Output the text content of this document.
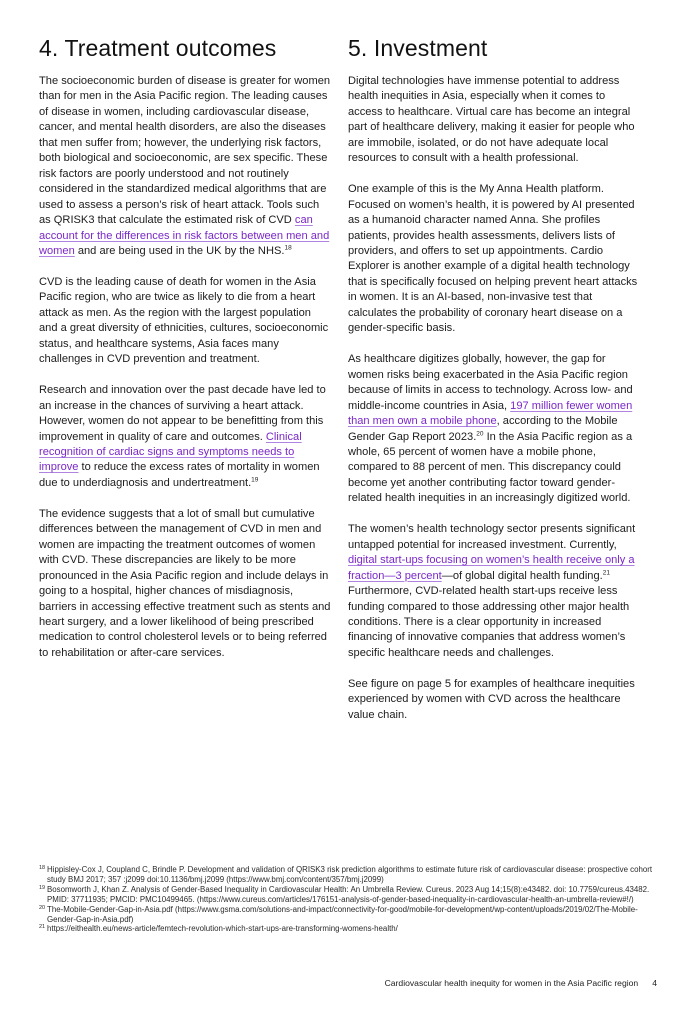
4. Treatment outcomes

The socioeconomic burden of disease is greater for women than for men in the Asia Pacific region. The leading causes of disease in women, including cardiovascular disease, cancer, and mental health disorders, are also the diseases that men suffer from; however, the underlying risk factors, both biological and socioeconomic, are sex specific. These risk factors are poorly understood and not routinely considered in the standardized medical algorithms that are used to assess a person’s risk of heart attack. Tools such as QRISK3 that calculate the estimated risk of CVD can account for the differences in risk factors between men and women and are being used in the UK by the NHS.$^{18}$

CVD is the leading cause of death for women in the Asia Pacific region, who are twice as likely to die from a heart attack as men. As the region with the largest population and a great diversity of ethnicities, cultures, socioeconomic status, and healthcare systems, Asia faces many challenges in CVD prevention and treatment.

Research and innovation over the past decade have led to an increase in the chances of surviving a heart attack. However, women do not appear to be benefitting from this improvement in quality of care and outcomes. Clinical recognition of cardiac signs and symptoms needs to improve to reduce the excess rates of mortality in women due to underdiagnosis and undertreatment.$^{19}$

The evidence suggests that a lot of small but cumulative differences between the management of CVD in men and women are impacting the treatment outcomes of women with CVD. These discrepancies are likely to be more pronounced in the Asia Pacific region and include delays in going to a hospital, higher chances of misdiagnosis, barriers in accessing effective treatment such as stents and heart surgery, and a lower likelihood of being prescribed medication to control cholesterol levels or to being referred to rehabilitation or after-care services.

5. Investment

Digital technologies have immense potential to address health inequities in Asia, especially when it comes to access to healthcare. Virtual care has become an integral part of healthcare delivery, making it easier for people who are immobile, isolated, or do not have adequate local resources to consult with a health professional.

One example of this is the My Anna Health platform. Focused on women’s health, it is powered by AI presented as a humanoid character named Anna. She profiles patients, provides health assessments, delivers lists of providers, and offers to set up appointments. Cardio Explorer is another example of a digital health technology that is specifically focused on helping prevent heart attacks in women. It is an AI-based, non-invasive test that calculates the probability of coronary heart disease on a gender-specific basis.

As healthcare digitizes globally, however, the gap for women risks being exacerbated in the Asia Pacific region because of limits in access to technology. Across low- and middle-income countries in Asia, 197 million fewer women than men own a mobile phone, according to the Mobile Gender Gap Report 2023.20 In the Asia Pacific region as a whole, 65 percent of women have a mobile phone, compared to 88 percent of men. This discrepancy could become yet another contributing factor toward gender-related health inequities in an increasingly digitized world.

The women’s health technology sector presents significant untapped potential for increased investment. Currently, digital start-ups focusing on women’s health receive only a fraction—3 percent—of global digital health funding.$^{21}$ Furthermore, CVD-related health start-ups receive less funding compared to those addressing other major health conditions. There is a clear opportunity in increased financing of innovative companies that address women’s specific healthcare needs and challenges.

See figure on page 5 for examples of healthcare inequities experienced by women with CVD across the healthcare value chain.

18 Hippisley-Cox J, Coupland C, Brindle P. Development and validation of QRISK3 risk prediction algorithms to estimate future risk of cardiovascular disease: prospective cohort study BMJ 2017; 357 :j2099 doi:10.1136/bmj.j2099 (https://www.bmj.com/content/357/bmj.j2099)
19 Bosomworth J, Khan Z. Analysis of Gender-Based Inequality in Cardiovascular Health: An Umbrella Review. Cureus. 2023 Aug 14;15(8):e43482. doi: 10.7759/cureus.43482. PMID: 37711935; PMCID: PMC10499465. (https://www.cureus.com/articles/176151-analysis-of-gender-based-inequality-in-cardiovascular-health-an-umbrella-review#!/)
20 The-Mobile-Gender-Gap-in-Asia.pdf (https://www.gsma.com/solutions-and-impact/connectivity-for-good/mobile-for-development/wp-content/uploads/2019/02/The-Mobile-Gender-Gap-in-Asia.pdf)
21 https://eithealth.eu/news-article/femtech-revolution-which-start-ups-are-transforming-womens-health/
Cardiovascular health inequity for women in the Asia Pacific region 4
